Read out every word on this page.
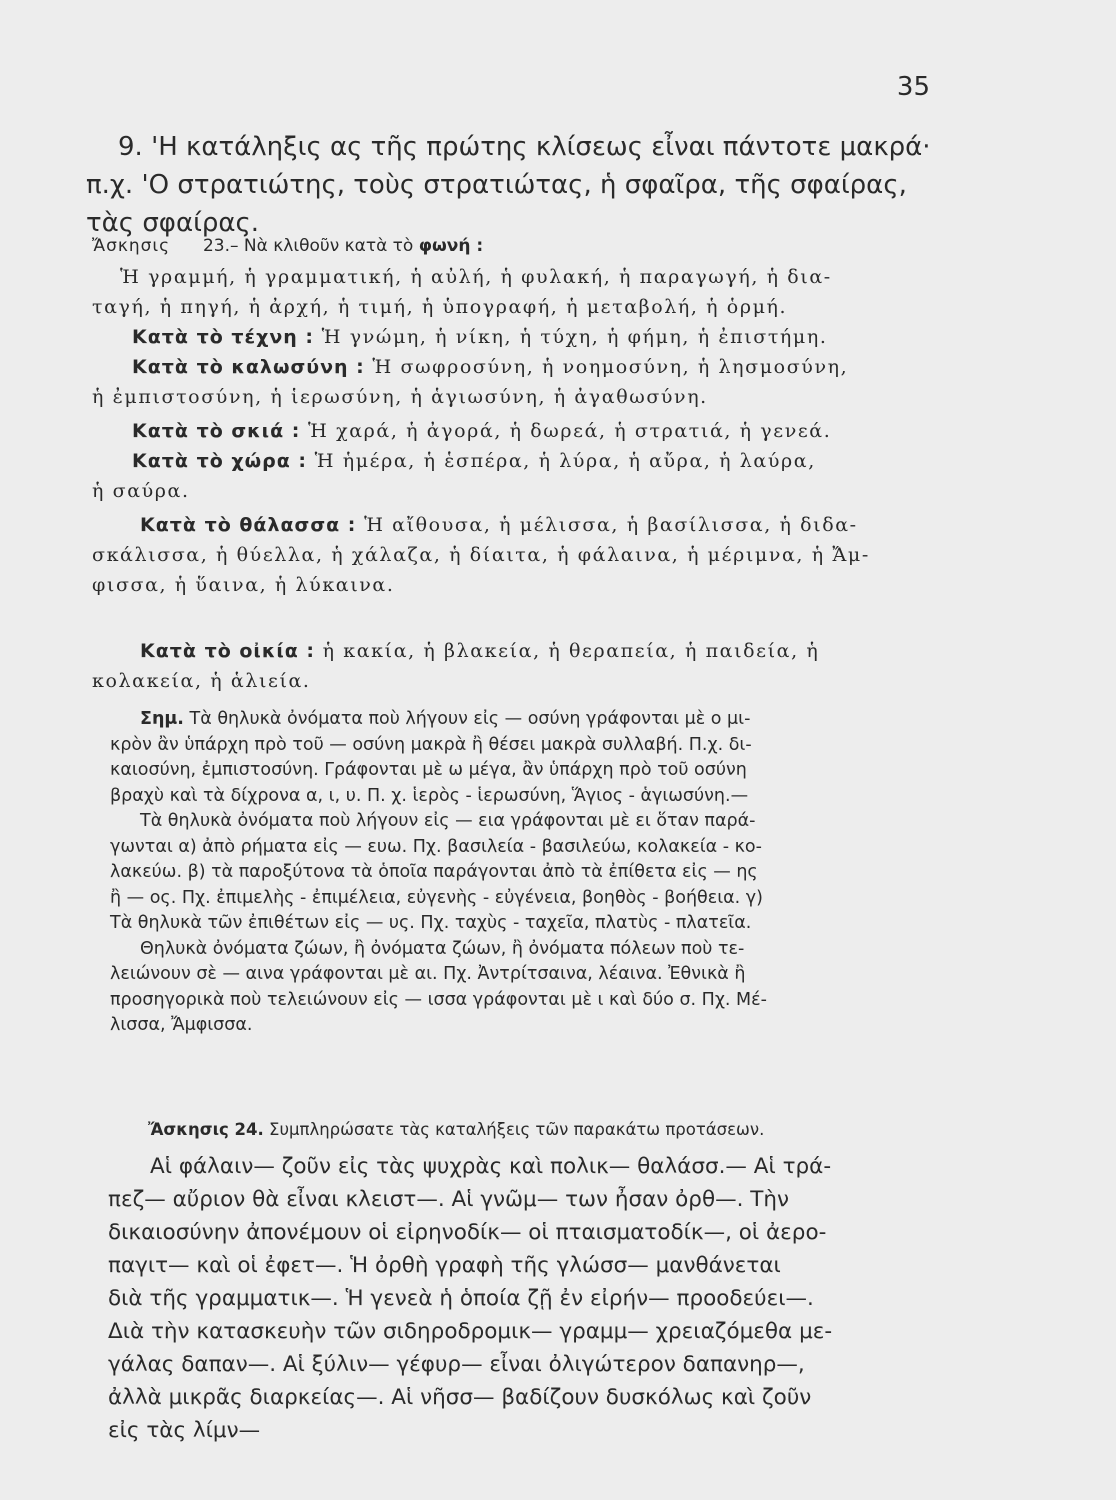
35
9. 'Η κατάληξις ας τῆς πρώτης κλίσεως εἶναι πάντοτε μακρά·
π.χ. 'Ο στρατιώτης, τοὺς στρατιώτας, ἡ σφαῖρα, τῆς σφαίρας,
τὰς σφαίρας.
Ἄσκησις 23.– Νὰ κλιθοῦν κατὰ τὸ φωνή :
Ἡ γραμμή, ἡ γραμματική, ἡ αὐλή, ἡ φυλακή, ἡ παραγωγή, ἡ δια-
ταγή, ἡ πηγή, ἡ ἀρχή, ἡ τιμή, ἡ ὑπογραφή, ἡ μεταβολή, ἡ ὁρμή.
Κατὰ τὸ τέχνη : Ἡ γνώμη, ἡ νίκη, ἡ τύχη, ἡ φήμη, ἡ ἐπιστήμη.
Κατὰ τὸ καλωσύνη : Ἡ σωφροσύνη, ἡ νοημοσύνη, ἡ λησμοσύνη,
ἡ ἐμπιστοσύνη, ἡ ἱερωσύνη, ἡ ἁγιωσύνη, ἡ ἀγαθωσύνη.
Κατὰ τὸ σκιά : Ἡ χαρά, ἡ ἀγορά, ἡ δωρεά, ἡ στρατιά, ἡ γενεά.
Κατὰ τὸ χώρα : Ἡ ἡμέρα, ἡ ἑσπέρα, ἡ λύρα, ἡ αὔρα, ἡ λαύρα,
ἡ σαύρα.
Κατὰ τὸ θάλασσα : Ἡ αἴθουσα, ἡ μέλισσα, ἡ βασίλισσα, ἡ διδα-
σκάλισσα, ἡ θύελλα, ἡ χάλαζα, ἡ δίαιτα, ἡ φάλαινα, ἡ μέριμνα, ἡ Ἄμ-
φισσα, ἡ ὕαινα, ἡ λύκαινα.
Κατὰ τὸ οἰκία : ἡ κακία, ἡ βλακεία, ἡ θεραπεία, ἡ παιδεία, ἡ
κολακεία, ἡ ἁλιεία.
Σημ. Τὰ θηλυκὰ ὀνόματα ποὺ λήγουν εἰς — οσύνη γράφονται μὲ ο μι-
κρὸν ἂν ὑπάρχη πρὸ τοῦ — οσύνη μακρὰ ἢ θέσει μακρὰ συλλαβή. Π.χ. δι-
καιοσύνη, ἐμπιστοσύνη. Γράφονται μὲ ω μέγα, ἂν ὑπάρχη πρὸ τοῦ οσύνη
βραχὺ καὶ τὰ δίχρονα α, ι, υ. Π. χ. ἱερὸς - ἱερωσύνη, Ἅγιος - ἁγιωσύνη.—
Τὰ θηλυκὰ ὀνόματα ποὺ λήγουν εἰς — εια γράφονται μὲ ει ὅταν παρά-
γωνται α) ἀπὸ ρήματα εἰς — ευω. Πχ. βασιλεία - βασιλεύω, κολακεία - κο-
λακεύω. β) τὰ παροξύτονα τὰ ὁποῖα παράγονται ἀπὸ τὰ ἐπίθετα εἰς — ης
ἢ — ος. Πχ. ἐπιμελὴς - ἐπιμέλεια, εὐγενὴς - εὐγένεια, βοηθὸς - βοήθεια. γ)
Τὰ θηλυκὰ τῶν ἐπιθέτων εἰς — υς. Πχ. ταχὺς - ταχεῖα, πλατὺς - πλατεῖα.
Θηλυκὰ ὀνόματα ζώων, ἢ ὀνόματα ζώων, ἢ ὀνόματα πόλεων ποὺ τε-
λειώνουν σὲ — αινα γράφονται μὲ αι. Πχ. Ἀντρίτσαινα, λέαινα. Ἐθνικὰ ἢ
προσηγορικὰ ποὺ τελειώνουν εἰς — ισσα γράφονται μὲ ι καὶ δύο σ. Πχ. Μέ-
λισσα, Ἄμφισσα.
Ἄσκησις 24. Συμπληρώσατε τὰς καταλήξεις τῶν παρακάτω προτάσεων.
Αἱ φάλαιν— ζοῦν εἰς τὰς ψυχρὰς καὶ πολικ— θαλάσσ.— Αἱ τρά-
πεζ— αὔριον θὰ εἶναι κλειστ—. Αἱ γνῶμ— των ἦσαν ὀρθ—. Τὴν
δικαιοσύνην ἀπονέμουν οἱ εἰρηνοδίκ— οἱ πταισματοδίκ—, οἱ ἀερο-
παγιτ— καὶ οἱ ἐφετ—. Ἡ ὀρθὴ γραφὴ τῆς γλώσσ— μανθάνεται
διὰ τῆς γραμματικ—. Ἡ γενεὰ ἡ ὁποία ζῇ ἐν εἰρήν— προοδεύει—.
Διὰ τὴν κατασκευὴν τῶν σιδηροδρομικ— γραμμ— χρειαζόμεθα με-
γάλας δαπαν—. Αἱ ξύλιν— γέφυρ— εἶναι ὀλιγώτερον δαπανηρ—,
ἀλλὰ μικρᾶς διαρκείας—. Αἱ νῆσσ— βαδίζουν δυσκόλως καὶ ζοῦν
εἰς τὰς λίμν—
